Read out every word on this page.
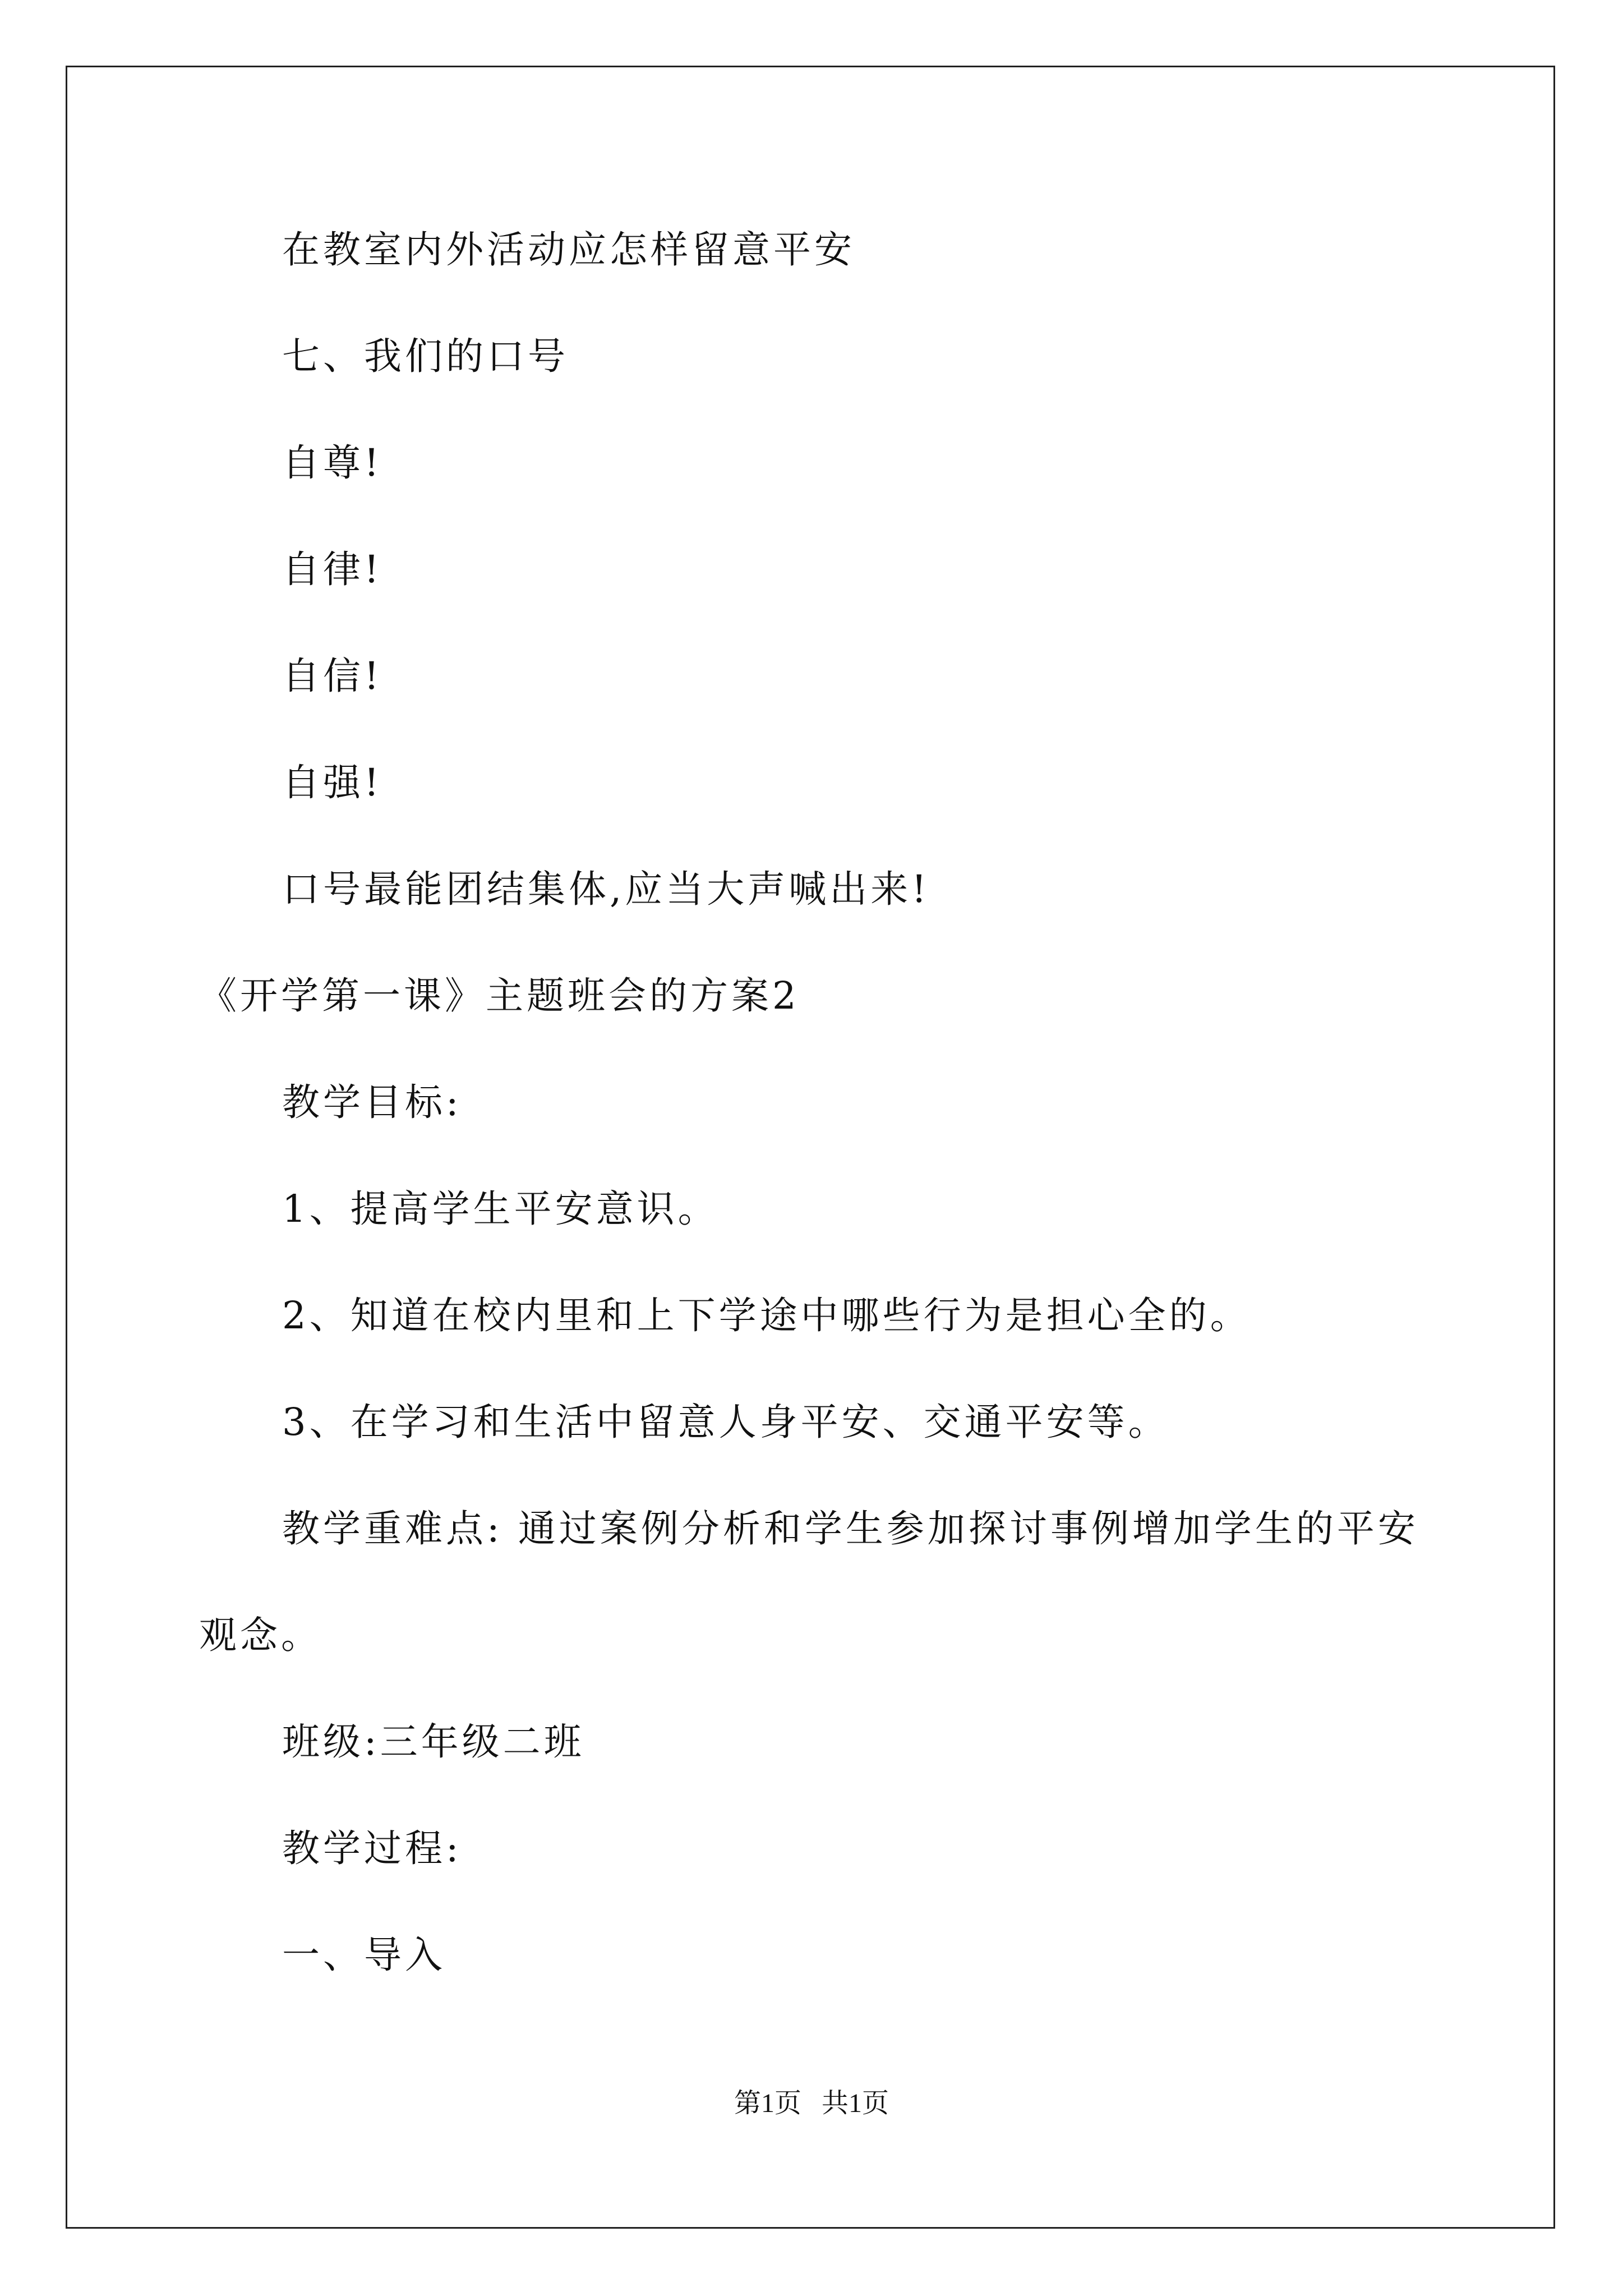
在教室内外活动应怎样留意平安
七、我们的口号
自尊!
自律!
自信!
自强!
口号最能团结集体,应当大声喊出来!
《开学第一课》主题班会的方案2
教学目标:
1、提高学生平安意识。
2、知道在校内里和上下学途中哪些行为是担心全的。
3、在学习和生活中留意人身平安、交通平安等。
教学重难点: 通过案例分析和学生参加探讨事例增加学生的平安
观念。
班级:三年级二班
教学过程:
一、导入
第1页   共1页
